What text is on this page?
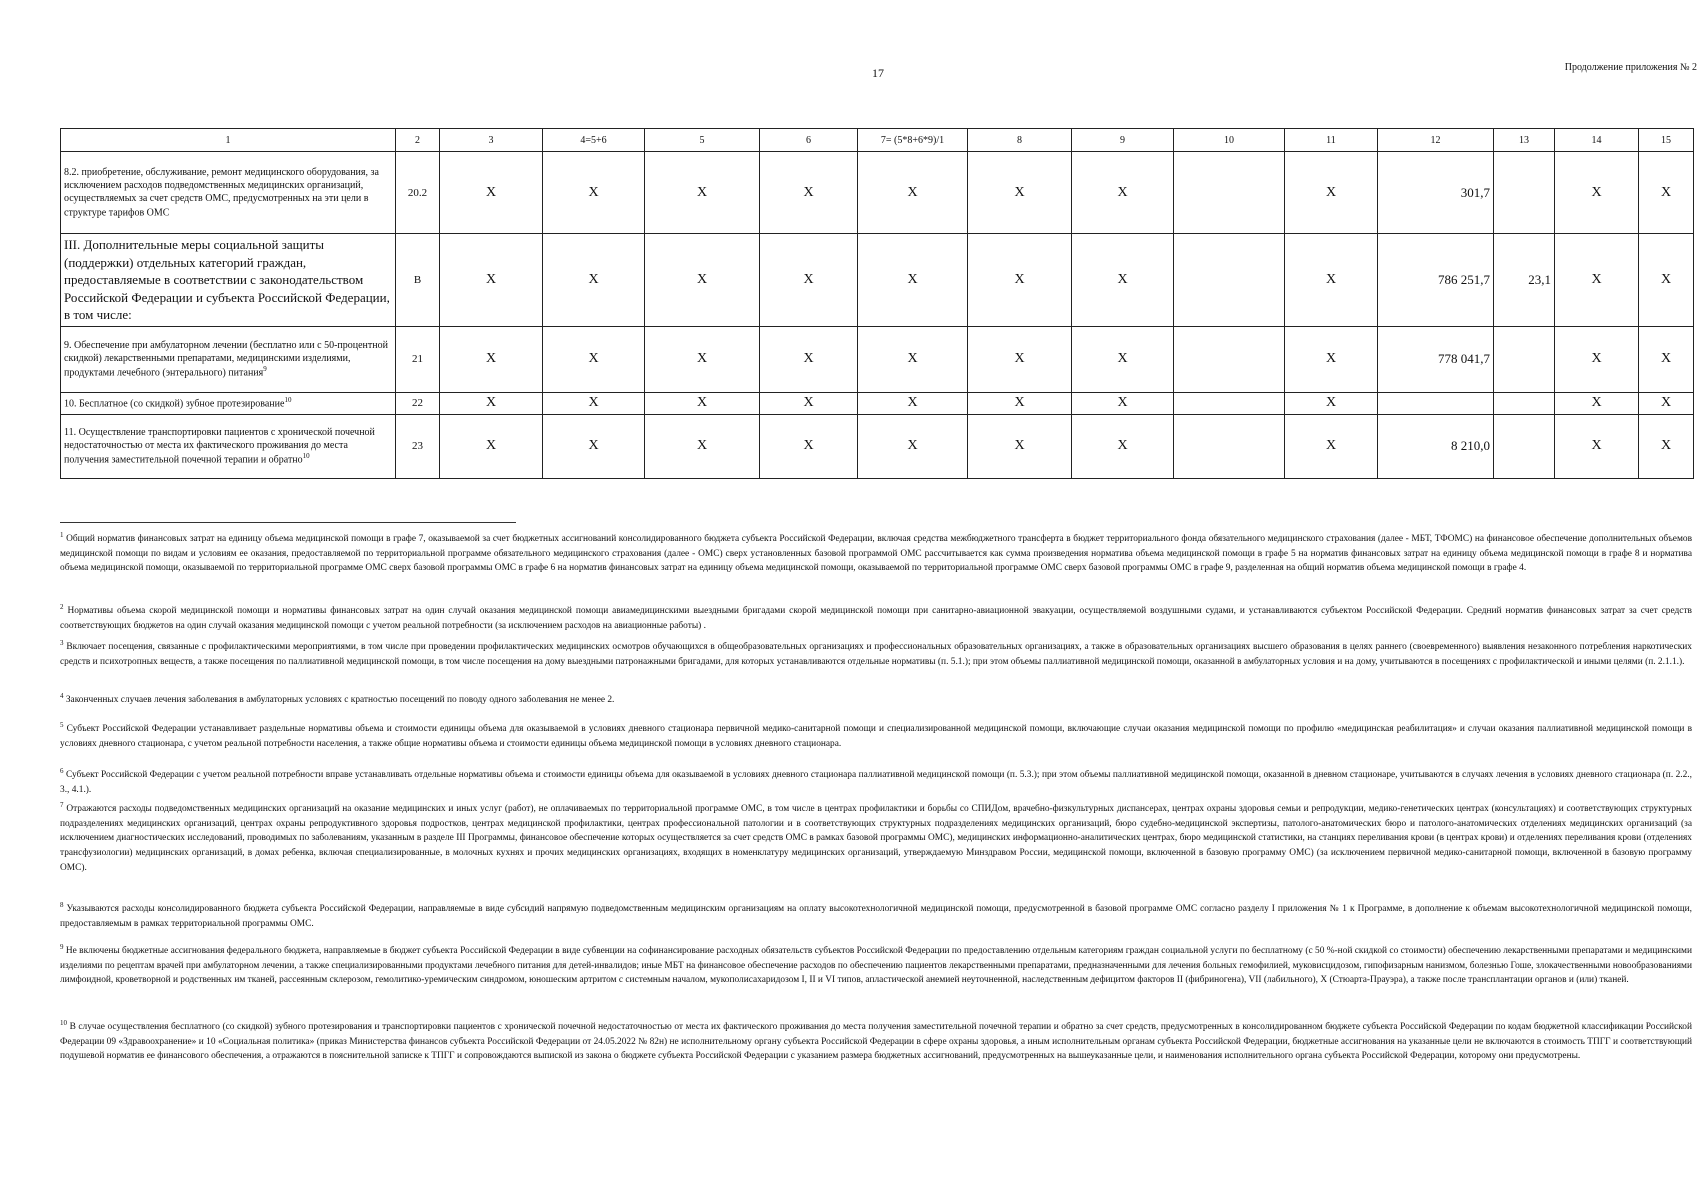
17	Продолжение приложения № 2
1	2	3	4=5+6	5	6	7= (5*8+6*9)/1	8	9	10	11	12	13	14	15
8.2. приобретение, обслуживание, ремонт медицинского оборудования, за исключением расходов подведомственных медицинских организаций, осуществляемых за счет средств ОМС, предусмотренных на эти цели в структуре тарифов ОМС	20.2	X	X	X	X	X	X	X		X	301,7		X	X
III. Дополнительные меры социальной защиты (поддержки) отдельных категорий граждан, предоставляемые в соответствии с законодательством Российской Федерации и субъекта Российской Федерации, в том числе:	В	X	X	X	X	X	X	X		X	786 251,7	23,1	X	X
9. Обеспечение при амбулаторном лечении (бесплатно или с 50-процентной скидкой) лекарственными препаратами, медицинскими изделиями, продуктами лечебного (энтерального) питания$^9$	21	X	X	X	X	X	X	X		X	778 041,7		X	X
10. Бесплатное (со скидкой) зубное протезирование$^{10}$	22	X	X	X	X	X	X	X		X			X	X
11. Осуществление транспортировки пациентов с хронической почечной недостаточностью от места их фактического проживания до места получения заместительной почечной терапии и обратно$^{10}$	23	X	X	X	X	X	X	X		X	8 210,0		X	X

$^1$ Общий норматив финансовых затрат на единицу объема медицинской помощи в графе 7, оказываемой за счет бюджетных ассигнований консолидированного бюджета субъекта Российской Федерации, включая средства межбюджетного трансферта в бюджет территориального фонда обязательного медицинского страхования (далее - МБТ, ТФОМС) на финансовое обеспечение дополнительных объемов медицинской помощи по видам и условиям ее оказания, предоставляемой по территориальной программе обязательного медицинского страхования (далее - ОМС) сверх установленных базовой программой ОМС рассчитывается как сумма произведения норматива объема медицинской помощи в графе 5 на норматив финансовых затрат на единицу объема медицинской помощи в графе 8 и норматива объема медицинской помощи, оказываемой по территориальной программе ОМС сверх базовой программы ОМС в графе 6 на норматив финансовых затрат на единицу объема медицинской помощи, оказываемой по территориальной программе ОМС сверх базовой программы ОМС в графе 9, разделенная на общий норматив объема медицинской помощи в графе 4.

$^2$ Нормативы объема скорой медицинской помощи и нормативы финансовых затрат на один случай оказания медицинской помощи авиамедицинскими выездными бригадами скорой медицинской помощи при санитарно-авиационной эвакуации, осуществляемой воздушными судами, и устанавливаются субъектом Российской Федерации. Средний норматив финансовых затрат за счет средств соответствующих бюджетов на один случай оказания медицинской помощи с учетом реальной потребности (за исключением расходов на авиационные работы) .

$^3$ Включает посещения, связанные с профилактическими мероприятиями, в том числе при проведении профилактических медицинских осмотров обучающихся в общеобразовательных организациях и профессиональных образовательных организациях, а также в образовательных организациях высшего образования в целях раннего (своевременного) выявления незаконного потребления наркотических средств и психотропных веществ, а также посещения по паллиативной медицинской помощи, в том числе посещения на дому выездными патронажными бригадами, для которых устанавливаются отдельные нормативы (п. 5.1.); при этом объемы паллиативной медицинской помощи, оказанной в амбулаторных условия и на дому, учитываются в посещениях с профилактической и иными целями (п. 2.1.1.).

$^4$ Законченных случаев лечения заболевания в амбулаторных условиях с кратностью посещений по поводу одного заболевания не менее 2.

$^5$ Субъект Российской Федерации устанавливает раздельные нормативы объема и стоимости единицы объема для оказываемой в условиях дневного стационара первичной медико-санитарной помощи и специализированной медицинской помощи, включающие случаи оказания медицинской помощи по профилю «медицинская реабилитация» и случаи оказания паллиативной медицинской помощи в условиях дневного стационара, с учетом реальной потребности населения, а также общие нормативы объема и стоимости единицы объема медицинской помощи в условиях дневного стационара.

$^6$ Субъект Российской Федерации с учетом реальной потребности вправе устанавливать отдельные нормативы объема и стоимости единицы объема для оказываемой в условиях дневного стационара паллиативной медицинской помощи (п. 5.3.); при этом объемы паллиативной медицинской помощи, оказанной в дневном стационаре, учитываются в случаях лечения в условиях дневного стационара (п. 2.2., 3., 4.1.).

$^7$ Отражаются расходы подведомственных медицинских организаций на оказание медицинских и иных услуг (работ), не оплачиваемых по территориальной программе ОМС, в том числе в центрах профилактики и борьбы со СПИДом, врачебно-физкультурных диспансерах, центрах охраны здоровья семьи и репродукции, медико-генетических центрах (консультациях) и соответствующих структурных подразделениях медицинских организаций, центрах охраны репродуктивного здоровья подростков, центрах медицинской профилактики, центрах профессиональной патологии и в соответствующих структурных подразделениях медицинских организаций, бюро судебно-медицинской экспертизы, патолого-анатомических бюро и патолого-анатомических отделениях медицинских организаций (за исключением диагностических исследований, проводимых по заболеваниям, указанным в разделе III Программы, финансовое обеспечение которых осуществляется за счет средств ОМС в рамках базовой программы ОМС), медицинских информационно-аналитических центрах, бюро медицинской статистики, на станциях переливания крови (в центрах крови) и отделениях переливания крови (отделениях трансфузиологии) медицинских организаций, в домах ребенка, включая специализированные, в молочных кухнях и прочих медицинских организациях, входящих в номенклатуру медицинских организаций, утверждаемую Минздравом России, медицинской помощи, включенной в базовую программу ОМС) (за исключением первичной медико-санитарной помощи, включенной в базовую программу ОМС).

$^8$ Указываются расходы консолидированного бюджета субъекта Российской Федерации, направляемые в виде субсидий напрямую подведомственным медицинским организациям на оплату высокотехнологичной медицинской помощи, предусмотренной в базовой программе ОМС согласно разделу I приложения № 1 к Программе, в дополнение к объемам высокотехнологичной медицинской помощи, предоставляемым в рамках территориальной программы ОМС.

$^9$ Не включены бюджетные ассигнования федерального бюджета, направляемые в бюджет субъекта Российской Федерации в виде субвенции на софинансирование расходных обязательств субъектов Российской Федерации по предоставлению отдельным категориям граждан социальной услуги по бесплатному (с 50 %-ной скидкой со стоимости) обеспечению лекарственными препаратами и медицинскими изделиями по рецептам врачей при амбулаторном лечении, а также специализированными продуктами лечебного питания для детей-инвалидов; иные МБТ на финансовое обеспечение расходов по обеспечению пациентов лекарственными препаратами, предназначенными для лечения больных гемофилией, муковисцидозом, гипофизарным нанизмом, болезнью Гоше, злокачественными новообразованиями лимфоидной, кроветворной и родственных им тканей, рассеянным склерозом, гемолитико-уремическим синдромом, юношеским артритом с системным началом, мукополисахаридозом I, II и VI типов, апластической анемией неуточненной, наследственным дефицитом факторов II (фибриногена), VII (лабильного), X (Стюарта-Прауэра), а также после трансплантации органов и (или) тканей.

$^{10}$ В случае осуществления бесплатного (со скидкой) зубного протезирования и транспортировки пациентов с хронической почечной недостаточностью от места их фактического проживания до места получения заместительной почечной терапии и обратно за счет средств, предусмотренных в консолидированном бюджете субъекта Российской Федерации по кодам бюджетной классификации Российской Федерации 09 «Здравоохранение» и 10 «Социальная политика» (приказ Министерства финансов субъекта Российской Федерации от 24.05.2022 № 82н) не исполнительному органу субъекта Российской Федерации в сфере охраны здоровья, а иным исполнительным органам субъекта Российской Федерации, бюджетные ассигнования на указанные цели не включаются в стоимость ТПГГ и соответствующий подушевой норматив ее финансового обеспечения, а отражаются в пояснительной записке к ТПГГ и сопровождаются выпиской из закона о бюджете субъекта Российской Федерации с указанием размера бюджетных ассигнований, предусмотренных на вышеуказанные цели, и наименования исполнительного органа субъекта Российской Федерации, которому они предусмотрены.
